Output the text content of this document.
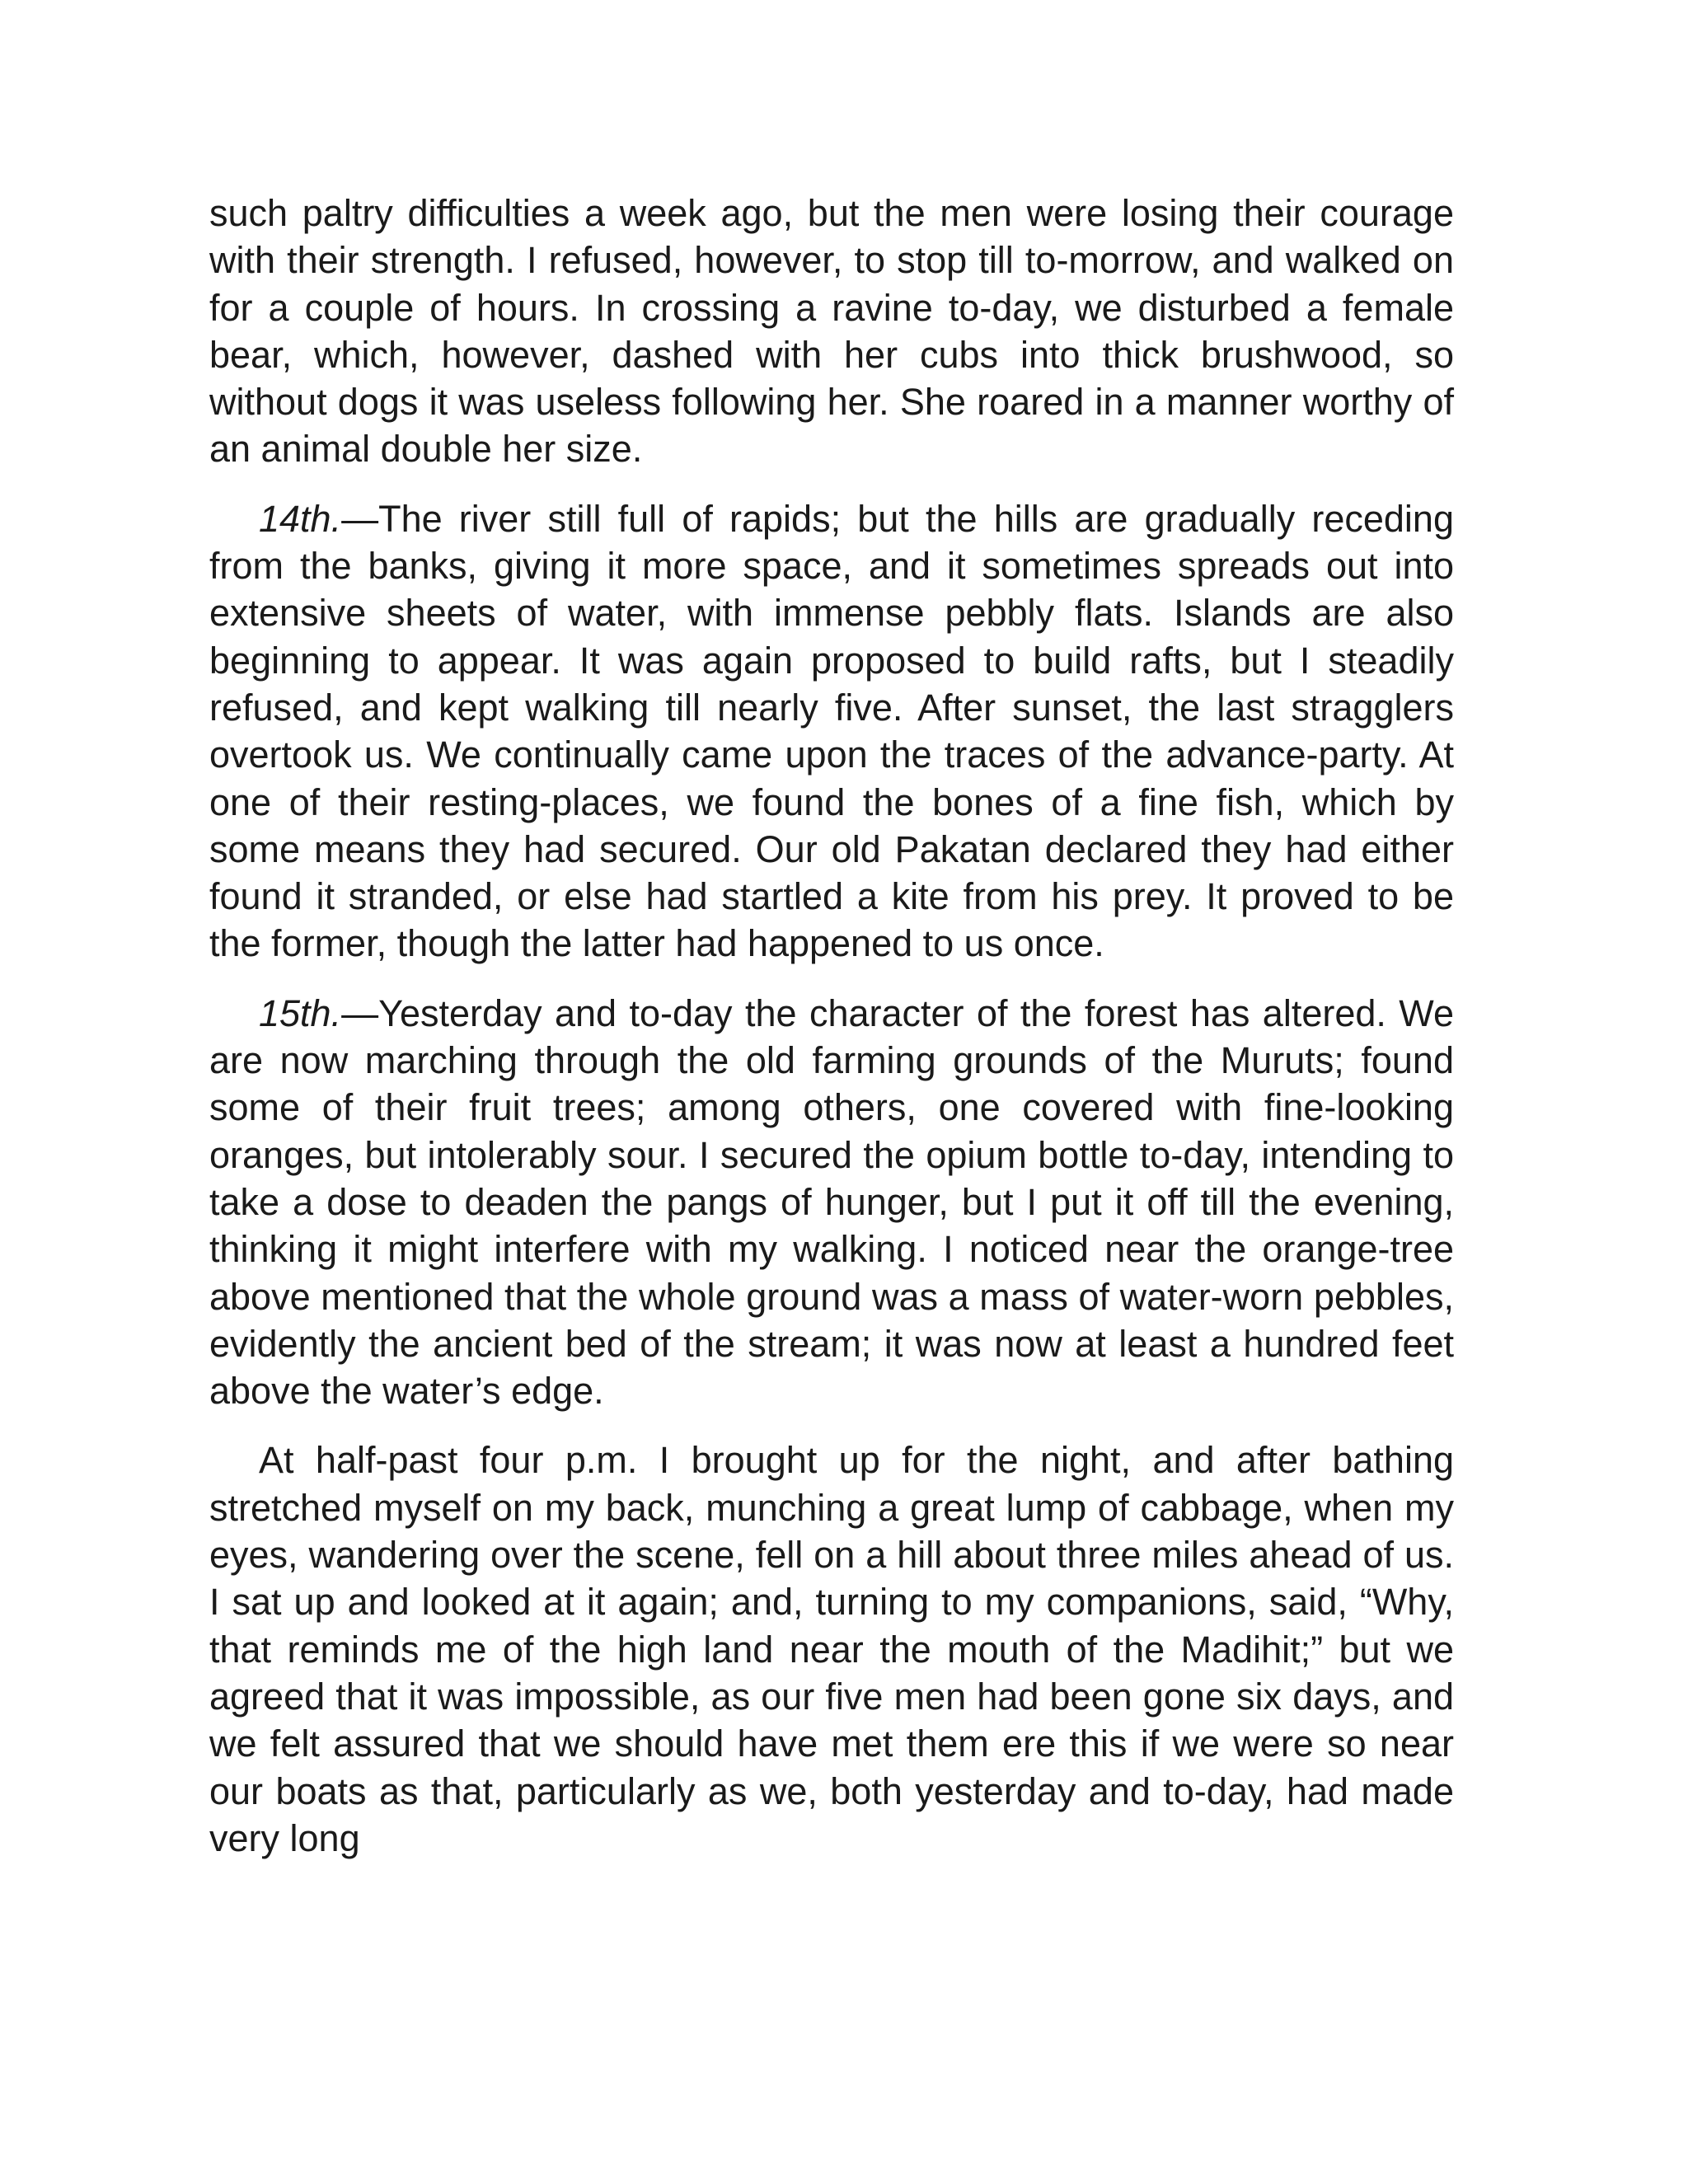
such paltry difficulties a week ago, but the men were losing their courage with their strength. I refused, however, to stop till to-morrow, and walked on for a couple of hours. In crossing a ravine to-day, we disturbed a female bear, which, however, dashed with her cubs into thick brushwood, so without dogs it was useless following her. She roared in a manner worthy of an animal double her size.

14th.—The river still full of rapids; but the hills are gradually receding from the banks, giving it more space, and it sometimes spreads out into extensive sheets of water, with immense pebbly flats. Islands are also beginning to appear. It was again proposed to build rafts, but I steadily refused, and kept walking till nearly five. After sunset, the last stragglers overtook us. We continually came upon the traces of the advance-party. At one of their resting-places, we found the bones of a fine fish, which by some means they had secured. Our old Pakatan declared they had either found it stranded, or else had startled a kite from his prey. It proved to be the former, though the latter had happened to us once.

15th.—Yesterday and to-day the character of the forest has altered. We are now marching through the old farming grounds of the Muruts; found some of their fruit trees; among others, one covered with fine-looking oranges, but intolerably sour. I secured the opium bottle to-day, intending to take a dose to deaden the pangs of hunger, but I put it off till the evening, thinking it might interfere with my walking. I noticed near the orange-tree above mentioned that the whole ground was a mass of water-worn pebbles, evidently the ancient bed of the stream; it was now at least a hundred feet above the water’s edge.

At half-past four p.m. I brought up for the night, and after bathing stretched myself on my back, munching a great lump of cabbage, when my eyes, wandering over the scene, fell on a hill about three miles ahead of us. I sat up and looked at it again; and, turning to my companions, said, “Why, that reminds me of the high land near the mouth of the Madihit;” but we agreed that it was impossible, as our five men had been gone six days, and we felt assured that we should have met them ere this if we were so near our boats as that, particularly as we, both yesterday and to-day, had made very long
